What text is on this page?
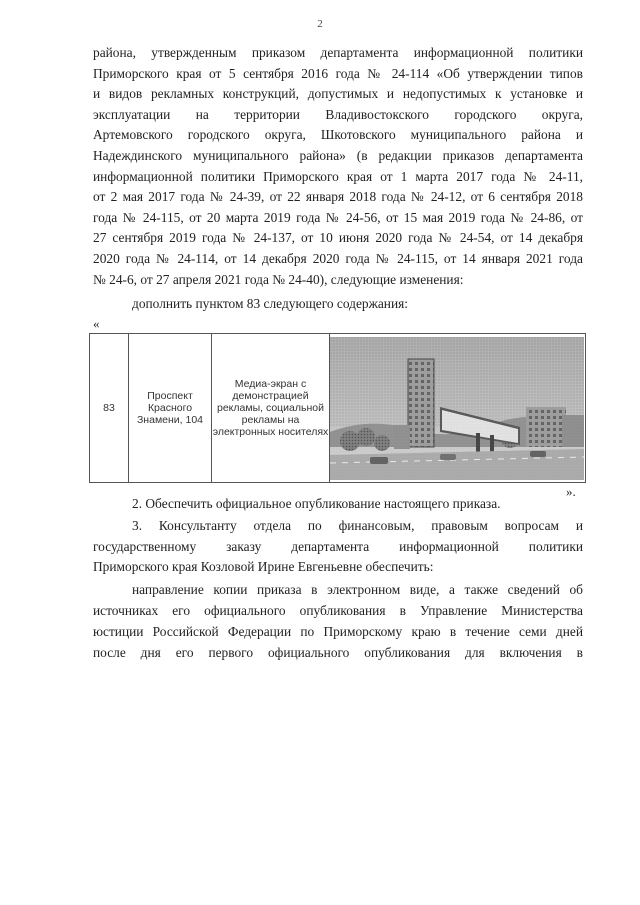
2
района, утвержденным приказом департамента информационной политики
Приморского края от 5 сентября 2016 года № 24-114 «Об утверждении типов
и видов рекламных конструкций, допустимых и недопустимых к установке и
эксплуатации на территории Владивостокского городского округа,
Артемовского городского округа, Шкотовского муниципального района и
Надеждинского муниципального района» (в редакции приказов департамента
информационной политики Приморского края от 1 марта 2017 года № 24-11,
от 2 мая 2017 года № 24-39, от 22 января 2018 года № 24-12, от 6 сентября 2018
года № 24-115, от 20 марта 2019 года № 24-56, от 15 мая 2019 года № 24-86, от
27 сентября 2019 года № 24-137, от 10 июня 2020 года № 24-54, от 14 декабря
2020 года № 24-114, от 14 декабря 2020 года № 24-115, от 14 января 2021 года
№ 24-6, от 27 апреля 2021 года № 24-40), следующие изменения:
дополнить пунктом 83 следующего содержания:
«
83	Проспект Красного Знамени, 104	Медиа-экран с демонстрацией рекламы, социальной рекламы на электронных носителях	
».
2. Обеспечить официальное опубликование настоящего приказа.
3. Консультанту отдела по финансовым, правовым вопросам и
государственному заказу департамента информационной политики
Приморского края Козловой Ирине Евгеньевне обеспечить:
направление копии приказа в электронном виде, а также сведений об
источниках его официального опубликования в Управление Министерства
юстиции Российской Федерации по Приморскому краю в течение семи дней
после дня его первого официального опубликования для включения в
